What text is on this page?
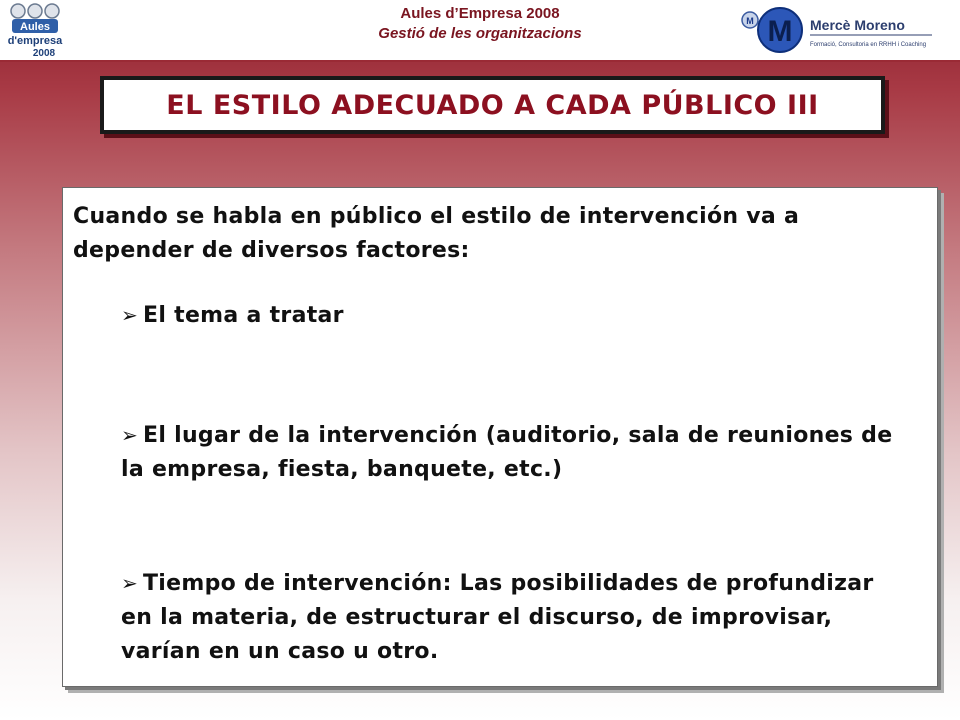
Aules
d'empresa
2008
Aules d’Empresa 2008
Gestió de les organitzacions
M M Mercè Moreno
Formació, Consultoria en RRHH i Coaching
EL ESTILO ADECUADO A CADA PÚBLICO III
Cuando se habla en público el estilo de intervención va a depender de diversos factores:
➢ El tema a tratar
➢ El lugar de la intervención (auditorio, sala de reuniones de la empresa, fiesta, banquete, etc.)
➢ Tiempo de intervención: Las posibilidades de profundizar en la materia, de estructurar el discurso, de improvisar, varían en un caso u otro.
